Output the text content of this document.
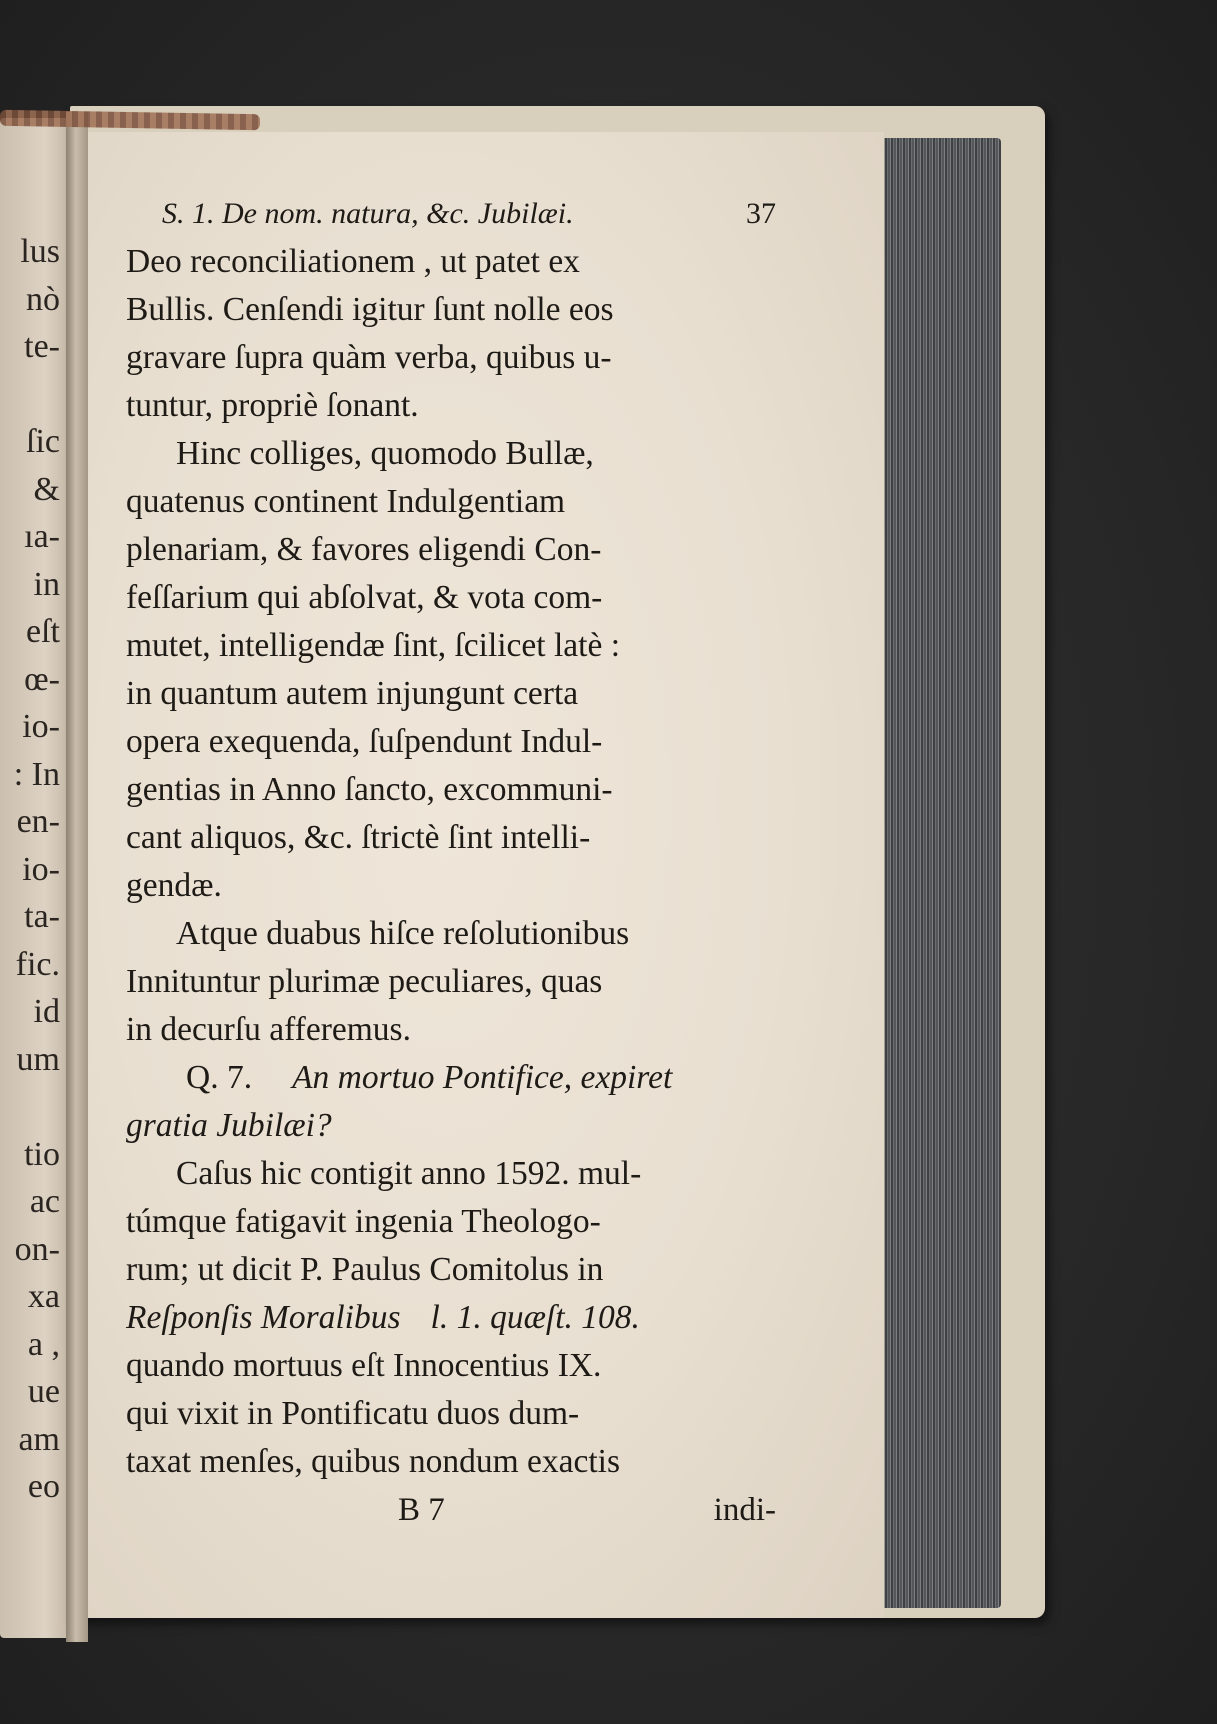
lus
nò
te-
ſic
&
ıa-
in
eſt
œ-
io-
: In
en-
io-
ta-
fic.
id
um
tio
ac
on-
xa
a ,
ue
am
eo
S. 1. De nom. natura, &c. Jubilæi.	37
Deo reconciliationem , ut patet ex
Bullis. Cenſendi igitur ſunt nolle eos
gravare ſupra quàm verba, quibus u-
tuntur, propriè ſonant.
Hinc colliges, quomodo Bullæ,
quatenus continent Indulgentiam
plenariam, & favores eligendi Con-
feſſarium qui abſolvat, & vota com-
mutet, intelligendæ ſint, ſcilicet latè :
in quantum autem injungunt certa
opera exequenda, ſuſpendunt Indul-
gentias in Anno ſancto, excommuni-
cant aliquos, &c. ſtrictè ſint intelli-
gendæ.
Atque duabus hiſce reſolutionibus
Innituntur plurimæ peculiares, quas
in decurſu afferemus.
Q. 7. An mortuo Pontifice, expiret
gratia Jubilæi?
Caſus hic contigit anno 1592. mul-
túmque fatigavit ingenia Theologo-
rum; ut dicit P. Paulus Comitolus in
Reſponſis Moralibus l. 1. quæſt. 108.
quando mortuus eſt Innocentius IX.
qui vixit in Pontificatu duos dum-
taxat menſes, quibus nondum exactis
B 7	indi-
